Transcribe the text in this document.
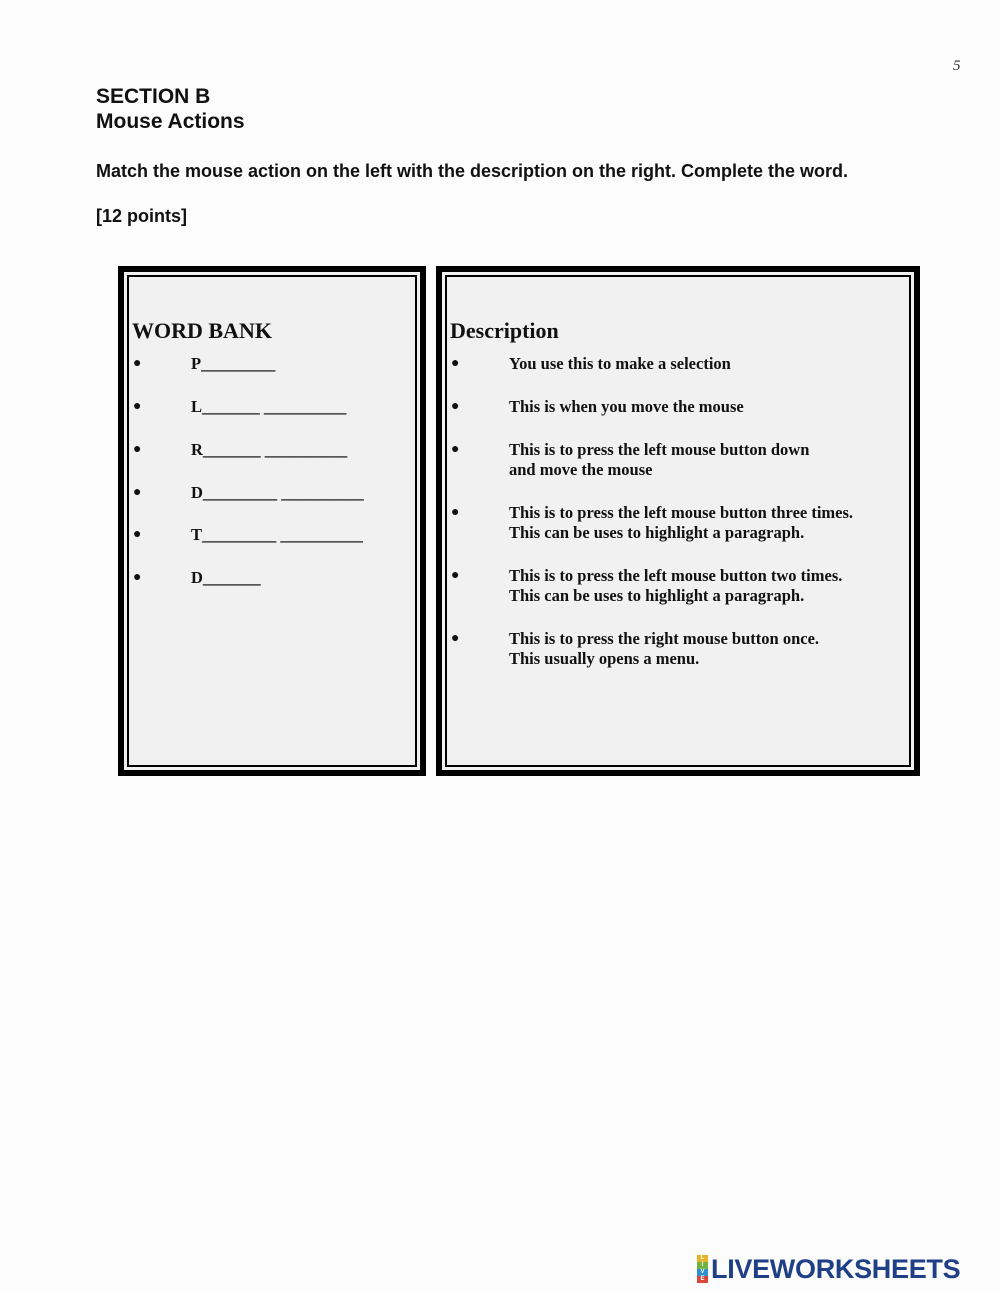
5
SECTION B
Mouse Actions

Match the mouse action on the left with the description on the right. Complete the word.

[12 points]

WORD BANK
●	P_________
●	L_______ __________
●	R_______ __________
●	D_________ __________
●	T_________ __________
●	D_______
Description
●	You use this to make a selection
●	This is when you move the mouse
●	This is to press the left mouse button down
and move the mouse
●	This is to press the left mouse button three times.
This can be uses to highlight a paragraph.
●	This is to press the left mouse button two times.
This can be uses to highlight a paragraph.
●	This is to press the right mouse button once.
This usually opens a menu.
L
I
V
E LIVEWORKSHEETS
